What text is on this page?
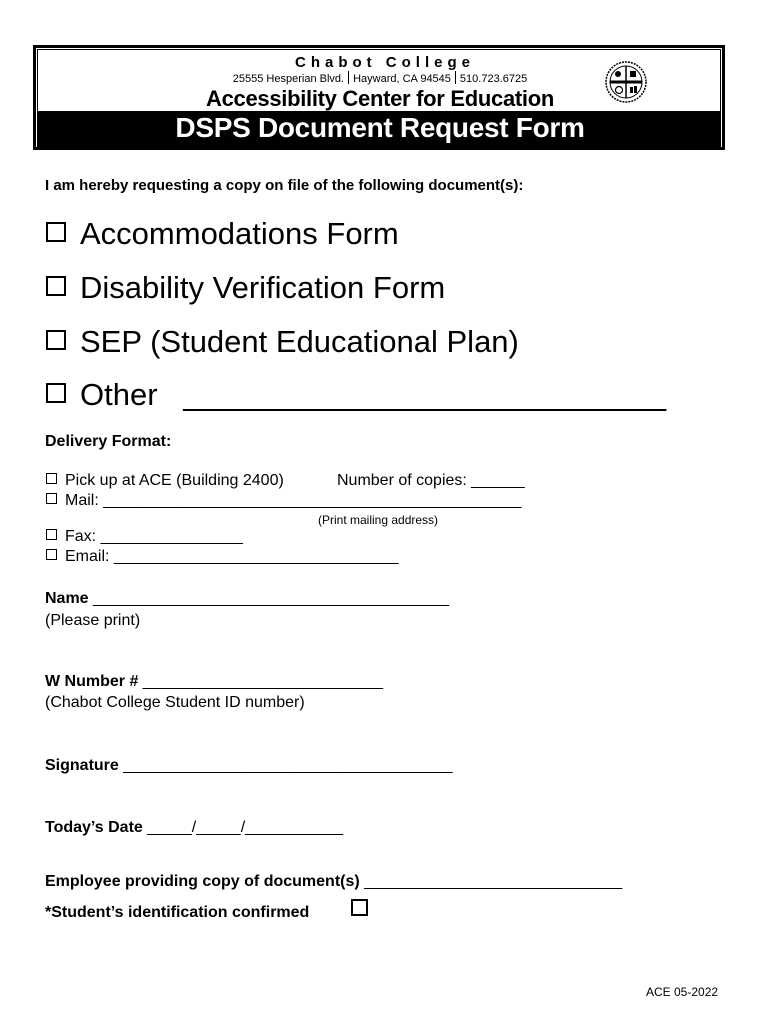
Chabot College
25555 Hesperian Blvd. Hayward, CA 94545 510.723.6725
Accessibility Center for Education
DSPS Document Request Form
I am hereby requesting a copy on file of the following document(s):
Accommodations Form
Disability Verification Form
SEP (Student Educational Plan)
Other   ____________________________
Delivery Format:
Pick up at ACE (Building 2400)	Number of copies: ______
Mail: _______________________________________________
(Print mailing address)
Fax: ________________
Email: ________________________________
Name ________________________________________
(Please print)
W Number # ___________________________
(Chabot College Student ID number)
Signature _____________________________________
Today’s Date _____/_____/___________
Employee providing copy of document(s) _____________________________
*Student’s identification confirmed
ACE 05-2022
